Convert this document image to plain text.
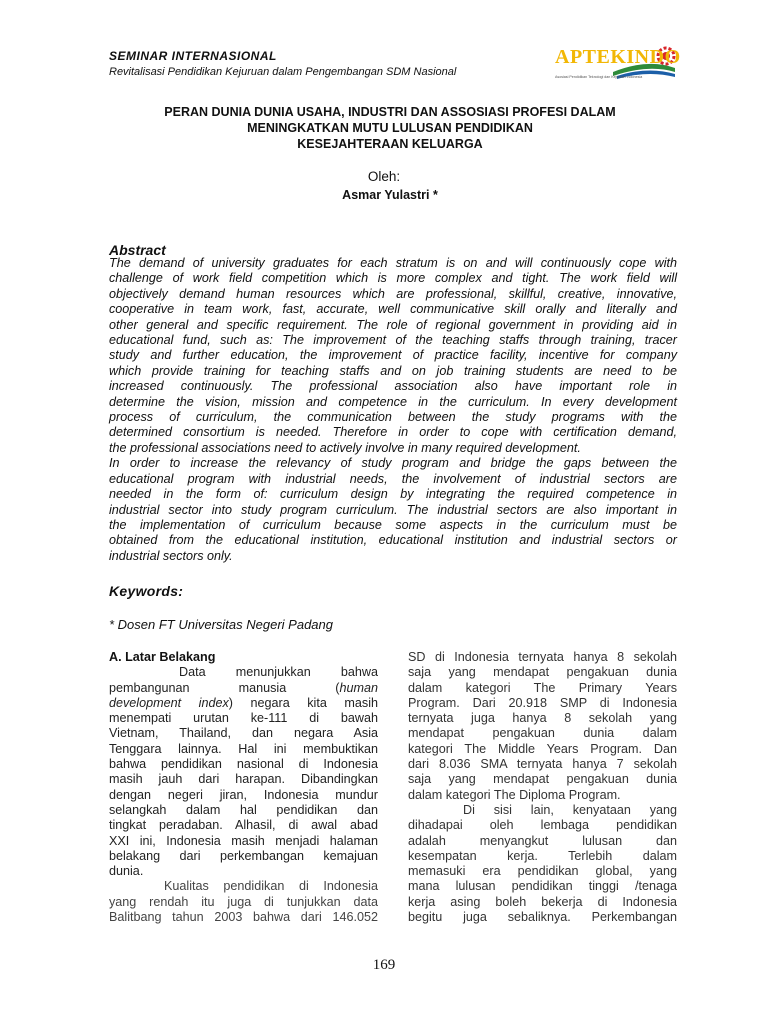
SEMINAR INTERNASIONAL
Revitalisasi Pendidikan Kejuruan dalam Pengembangan SDM Nasional
APTEKINDO
Asosiasi Pendidikan Teknologi dan Kejuruan Indonesia
PERAN DUNIA DUNIA USAHA, INDUSTRI DAN ASSOSIASI PROFESI DALAM
MENINGKATKAN MUTU LULUSAN PENDIDIKAN
KESEJAHTERAAN KELUARGA
Oleh:
Asmar Yulastri *
Abstract

The demand of university graduates for each stratum is on and will continuously cope with

challenge of work field competition which is more complex and tight. The work field will

objectively demand human resources which are professional, skillful, creative, innovative,

cooperative in team work, fast, accurate, well communicative skill orally and literally and

other general and specific requirement. The role of regional government in providing aid in

educational fund, such as: The improvement of the teaching staffs through training, tracer

study and further education, the improvement of practice facility, incentive for company

which provide training for teaching staffs and on job training students are need to be

increased continuously. The professional association also have important role in

determine the vision, mission and competence in the curriculum. In every development

process of curriculum, the communication between the study programs with the

determined consortium is needed. Therefore in order to cope with certification demand,

the professional associations need to actively involve in many required development.

In order to increase the relevancy of study program and bridge the gaps between the

educational program with industrial needs, the involvement of industrial sectors are

needed in the form of: curriculum design by integrating the required competence in

industrial sector into study program curriculum. The industrial sectors are also important in

the implementation of curriculum because some aspects in the curriculum must be

obtained from the educational institution, educational institution and industrial sectors or

industrial sectors only.

Keywords:
* Dosen FT Universitas Negeri Padang

A. Latar Belakang

Data menunjukkan bahwa

pembangunan manusia (human

development index) negara kita masih

menempati urutan ke-111 di bawah

Vietnam, Thailand, dan negara Asia

Tenggara lainnya. Hal ini membuktikan

bahwa pendidikan nasional di Indonesia

masih jauh dari harapan. Dibandingkan

dengan negeri jiran, Indonesia mundur

selangkah dalam hal pendidikan dan

tingkat peradaban. Alhasil, di awal abad

XXI ini, Indonesia masih menjadi halaman

belakang dari perkembangan kemajuan

dunia.

Kualitas pendidikan di Indonesia

yang rendah itu juga di tunjukkan data

Balitbang tahun 2003 bahwa dari 146.052

SD di Indonesia ternyata hanya 8 sekolah

saja yang mendapat pengakuan dunia

dalam kategori The Primary Years

Program. Dari 20.918 SMP di Indonesia

ternyata juga hanya 8 sekolah yang

mendapat pengakuan dunia dalam

kategori The Middle Years Program. Dan

dari 8.036 SMA ternyata hanya 7 sekolah

saja yang mendapat pengakuan dunia

dalam kategori The Diploma Program.

Di sisi lain, kenyataan yang

dihadapai oleh lembaga pendidikan

adalah menyangkut lulusan dan

kesempatan kerja. Terlebih dalam

memasuki era pendidikan global, yang

mana lulusan pendidikan tinggi /tenaga

kerja asing boleh bekerja di Indonesia

begitu juga sebaliknya. Perkembangan

169
